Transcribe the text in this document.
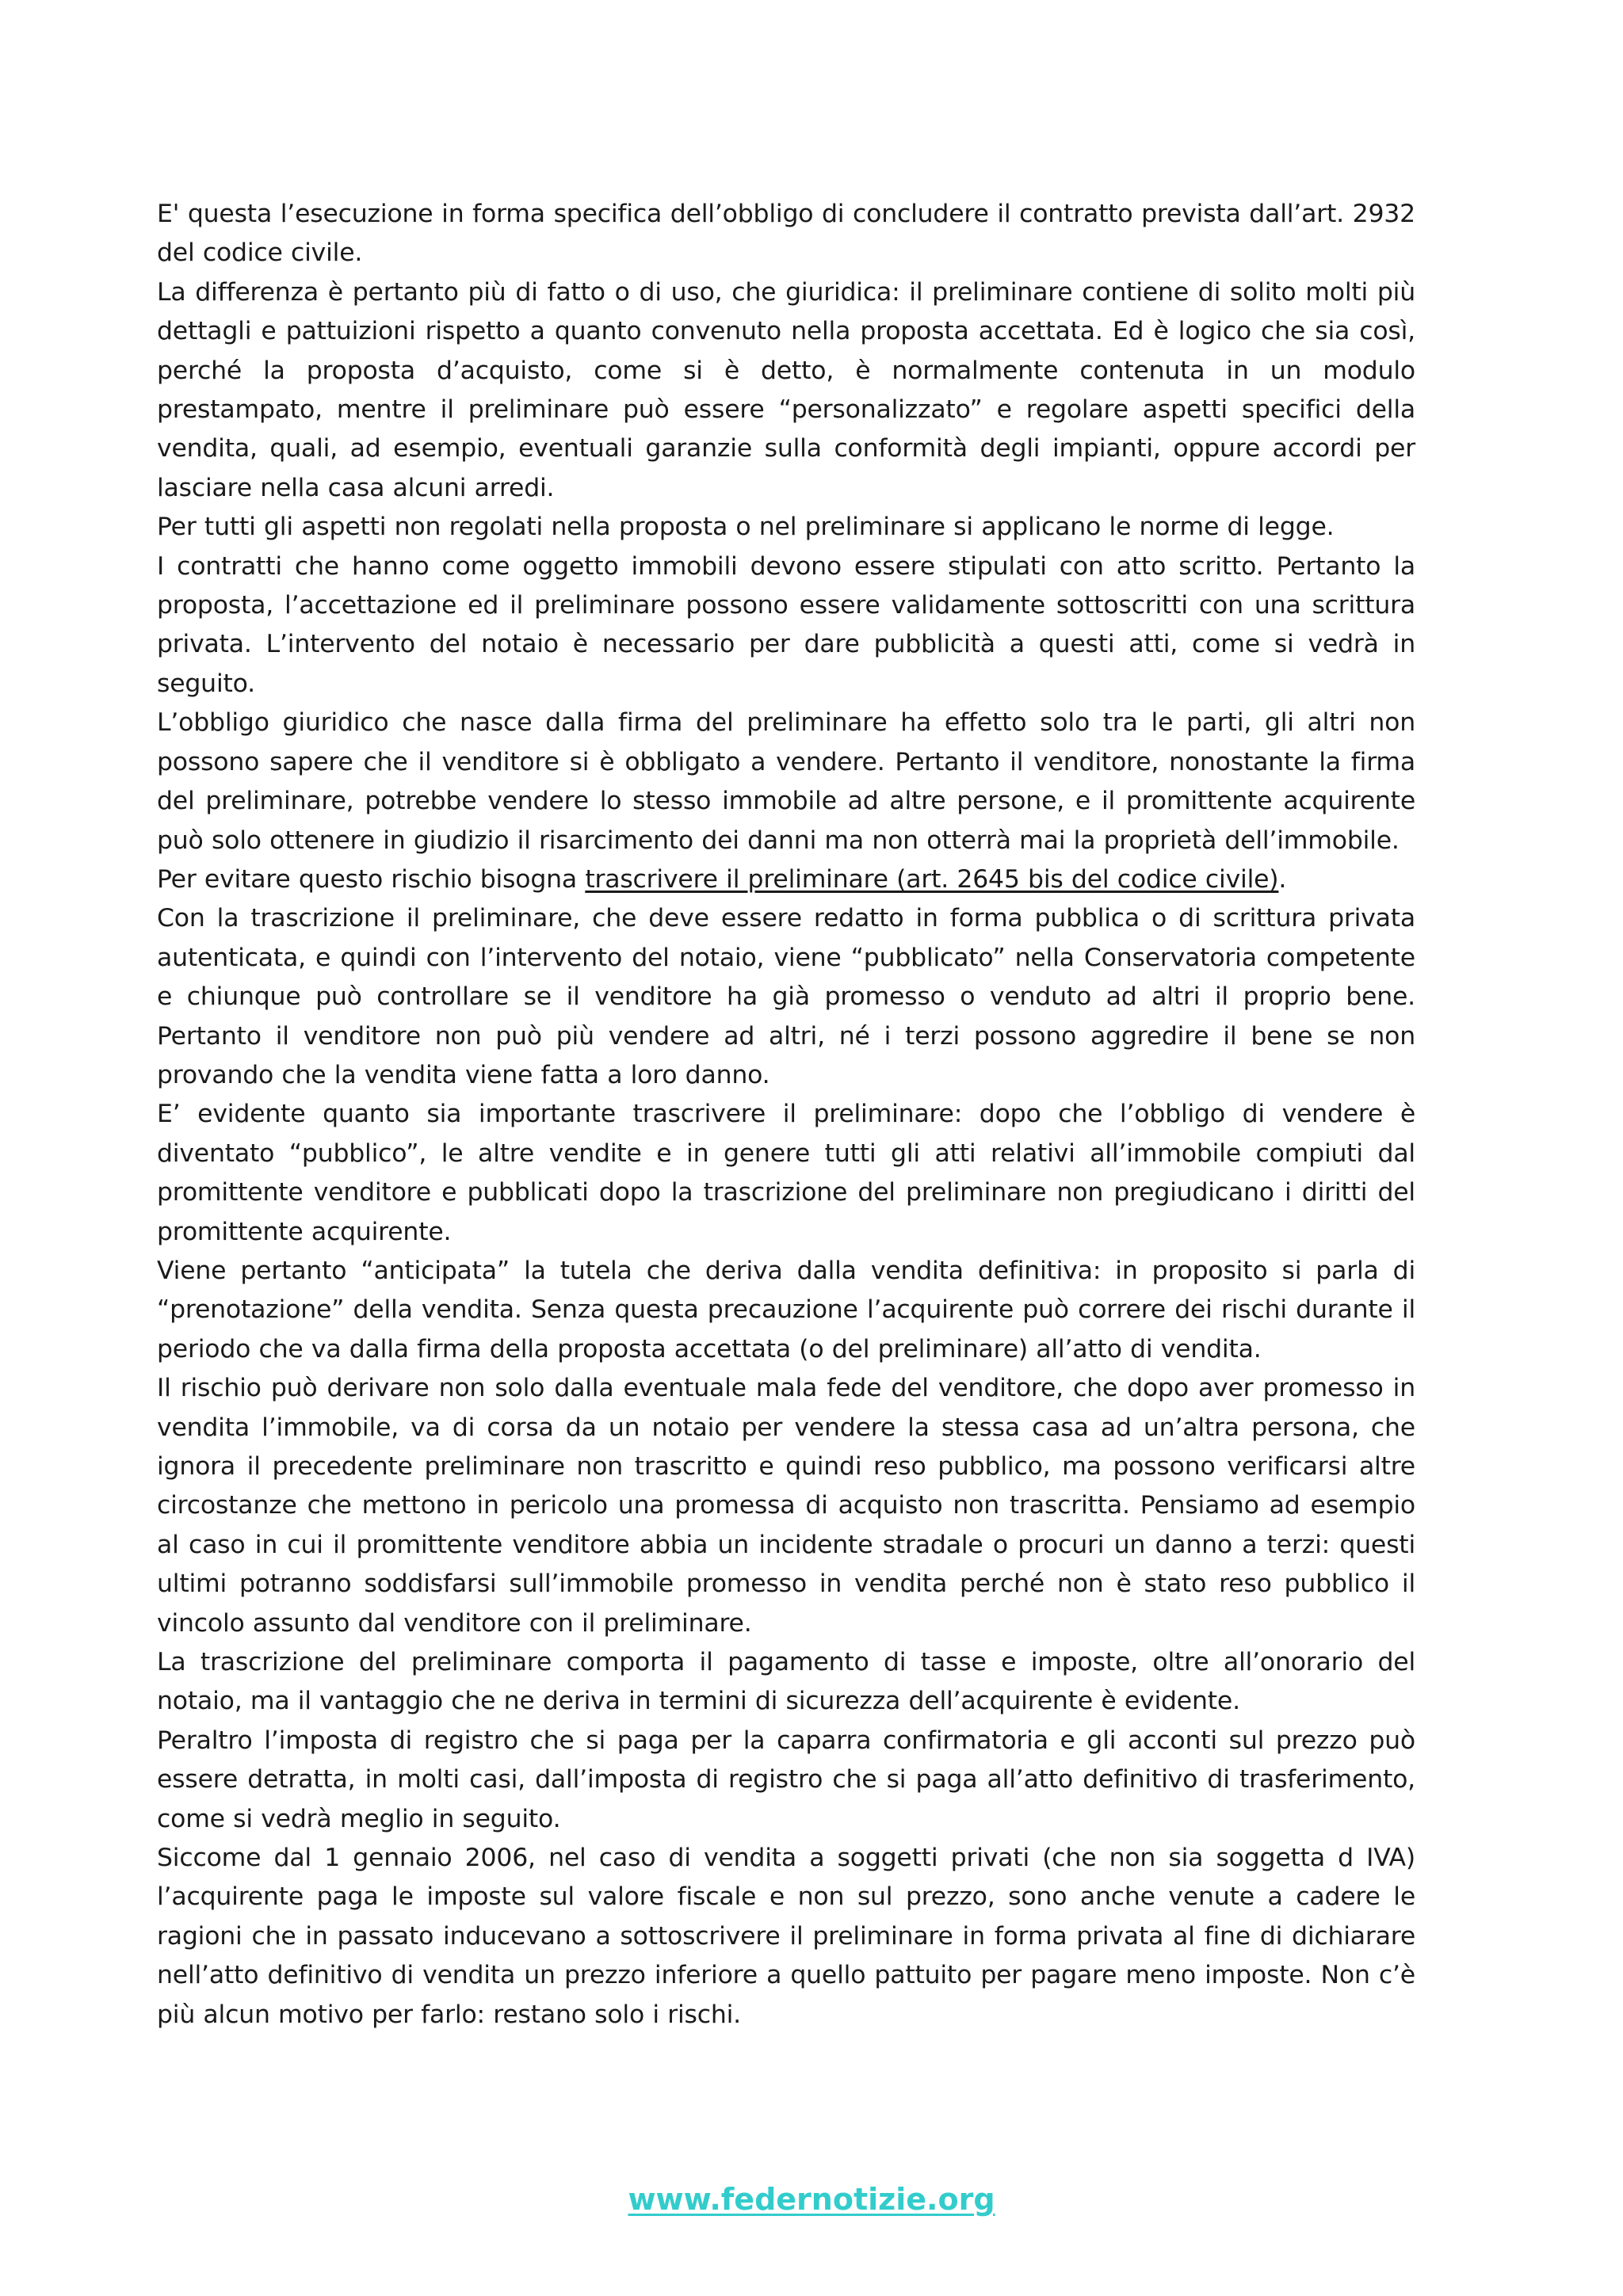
E' questa l’esecuzione in forma specifica dell’obbligo di concludere il contratto prevista dall’art. 2932 del codice civile.

La differenza è pertanto più di fatto o di uso, che giuridica: il preliminare contiene di solito molti più dettagli e pattuizioni rispetto a quanto convenuto nella proposta accettata. Ed è logico che sia così, perché la proposta d’acquisto, come si è detto, è normalmente contenuta in un modulo prestampato, mentre il preliminare può essere “personalizzato” e regolare aspetti specifici della vendita, quali, ad esempio, eventuali garanzie sulla conformità degli impianti, oppure accordi per lasciare nella casa alcuni arredi.

Per tutti gli aspetti non regolati nella proposta o nel preliminare si applicano le norme di legge.

I contratti che hanno come oggetto immobili devono essere stipulati con atto scritto. Pertanto la proposta, l’accettazione ed il preliminare possono essere validamente sottoscritti con una scrittura privata. L’intervento del notaio è necessario per dare pubblicità a questi atti, come si vedrà in seguito.

L’obbligo giuridico che nasce dalla firma del preliminare ha effetto solo tra le parti, gli altri non possono sapere che il venditore si è obbligato a vendere. Pertanto il venditore, nonostante la firma del preliminare, potrebbe vendere lo stesso immobile ad altre persone, e il promittente acquirente può solo ottenere in giudizio il risarcimento dei danni ma non otterrà mai la proprietà dell’immobile.

Per evitare questo rischio bisogna trascrivere il preliminare (art. 2645 bis del codice civile).

Con la trascrizione il preliminare, che deve essere redatto in forma pubblica o di scrittura privata autenticata, e quindi con l’intervento del notaio, viene “pubblicato” nella Conservatoria competente e chiunque può controllare se il venditore ha già promesso o venduto ad altri il proprio bene. Pertanto il venditore non può più vendere ad altri, né i terzi possono aggredire il bene se non provando che la vendita viene fatta a loro danno.

E’ evidente quanto sia importante trascrivere il preliminare: dopo che l’obbligo di vendere è diventato “pubblico”, le altre vendite e in genere tutti gli atti relativi all’immobile compiuti dal promittente venditore e pubblicati dopo la trascrizione del preliminare non pregiudicano i diritti del promittente acquirente.

Viene pertanto “anticipata” la tutela che deriva dalla vendita definitiva: in proposito si parla di “prenotazione” della vendita. Senza questa precauzione l’acquirente può correre dei rischi durante il periodo che va dalla firma della proposta accettata (o del preliminare) all’atto di vendita.

Il rischio può derivare non solo dalla eventuale mala fede del venditore, che dopo aver promesso in vendita l’immobile, va di corsa da un notaio per vendere la stessa casa ad un’altra persona, che ignora il precedente preliminare non trascritto e quindi reso pubblico, ma possono verificarsi altre circostanze che mettono in pericolo una promessa di acquisto non trascritta. Pensiamo ad esempio al caso in cui il promittente venditore abbia un incidente stradale o procuri un danno a terzi: questi ultimi potranno soddisfarsi sull’immobile promesso in vendita perché non è stato reso pubblico il vincolo assunto dal venditore con il preliminare.

La trascrizione del preliminare comporta il pagamento di tasse e imposte, oltre all’onorario del notaio, ma il vantaggio che ne deriva in termini di sicurezza dell’acquirente è evidente.

Peraltro l’imposta di registro che si paga per la caparra confirmatoria e gli acconti sul prezzo può essere detratta, in molti casi, dall’imposta di registro che si paga all’atto definitivo di trasferimento, come si vedrà meglio in seguito.

Siccome dal 1 gennaio 2006, nel caso di vendita a soggetti privati (che non sia soggetta d IVA) l’acquirente paga le imposte sul valore fiscale e non sul prezzo, sono anche venute a cadere le ragioni che in passato inducevano a sottoscrivere il preliminare in forma privata al fine di dichiarare nell’atto definitivo di vendita un prezzo inferiore a quello pattuito per pagare meno imposte. Non c’è più alcun motivo per farlo: restano solo i rischi.

www.federnotizie.org
